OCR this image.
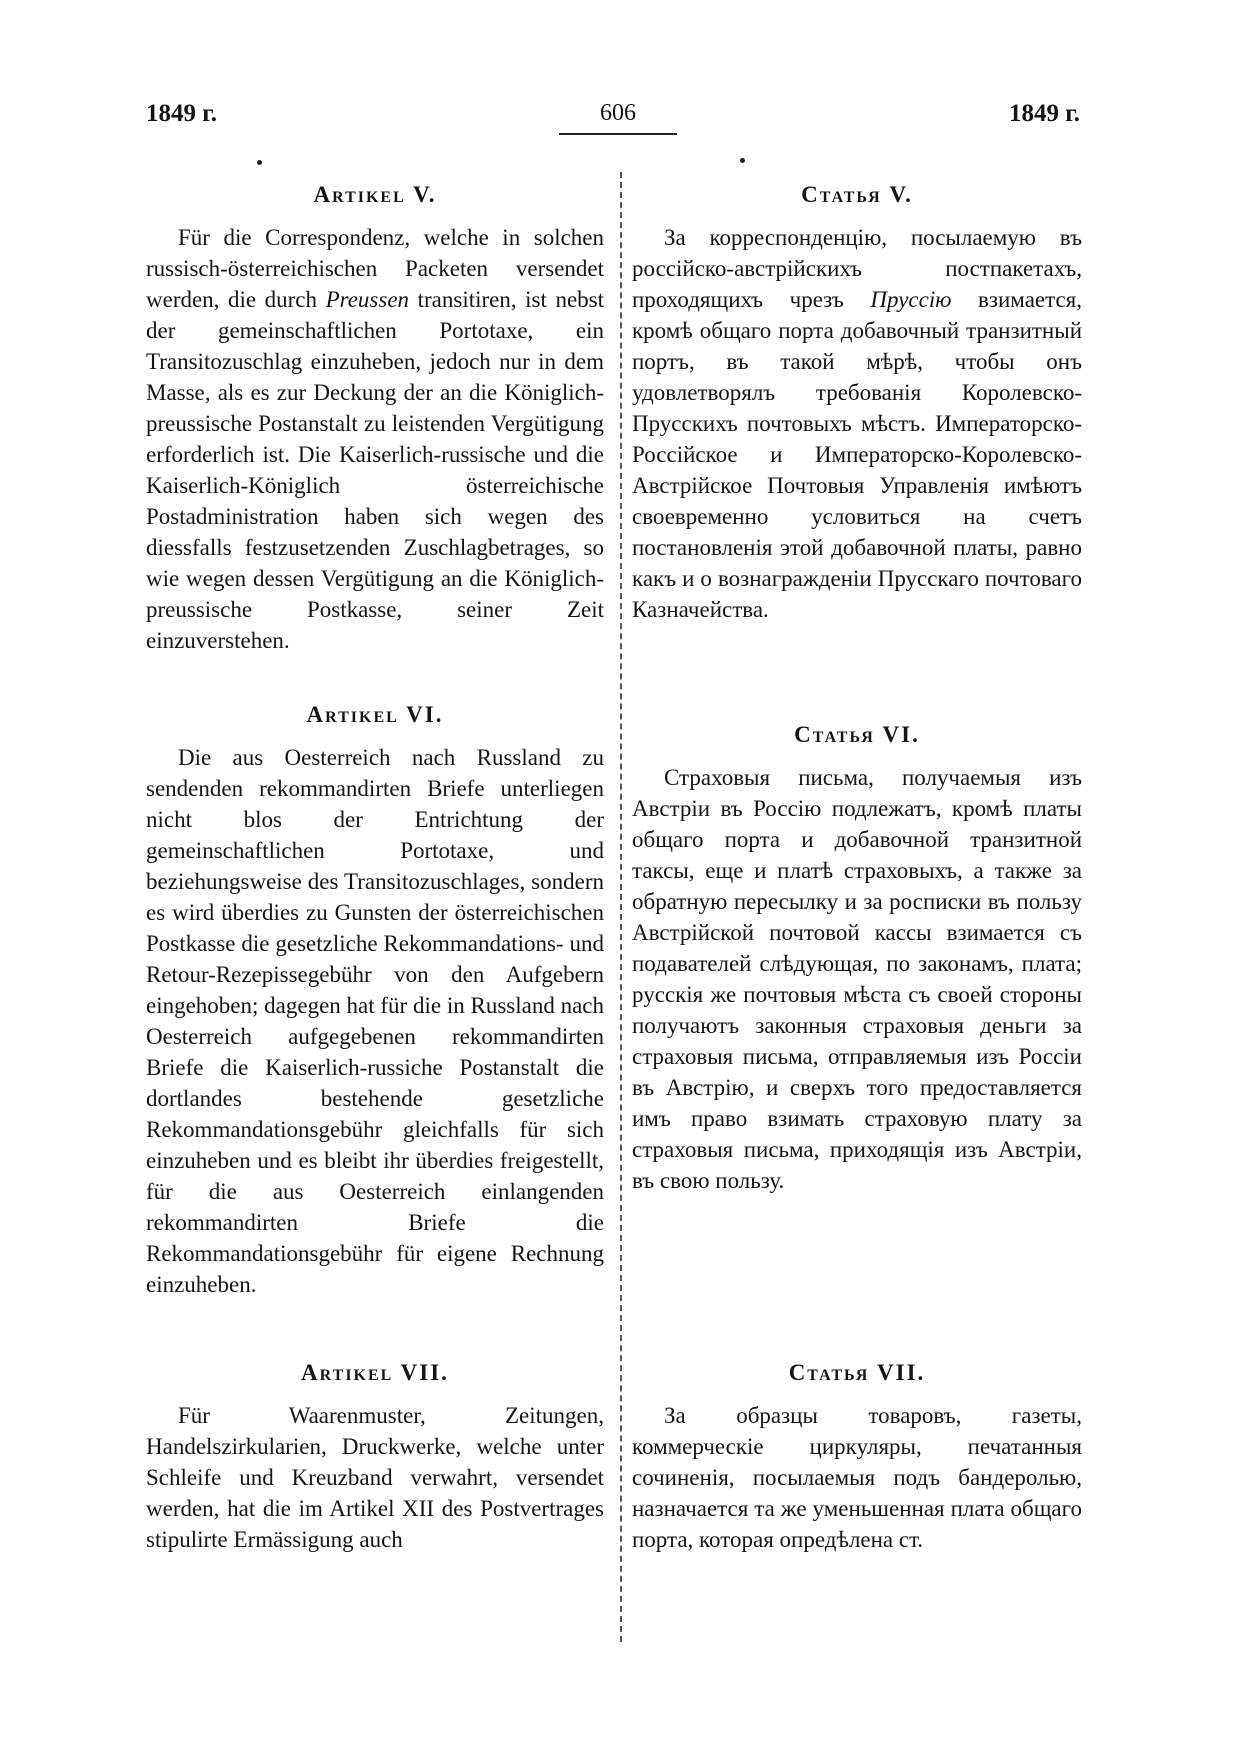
1849 г.	606	1849 г.
Artikel V.

Für die Correspondenz, welche in solchen russisch-österreichischen Packeten versendet werden, die durch Preussen transitiren, ist nebst der gemeinschaftlichen Portotaxe, ein Transitozuschlag einzuheben, jedoch nur in dem Masse, als es zur Deckung der an die Königlich-preussische Postanstalt zu leistenden Vergütigung erforderlich ist. Die Kaiserlich-russische und die Kaiserlich-Königlich österreichische Postadministration haben sich wegen des diessfalls festzusetzenden Zuschlagbetrages, so wie wegen dessen Vergütigung an die Königlich-preussische Postkasse, seiner Zeit einzuverstehen.

Artikel VI.

Die aus Oesterreich nach Russland zu sendenden rekommandirten Briefe unterliegen nicht blos der Entrichtung der gemeinschaftlichen Portotaxe, und beziehungsweise des Transitozuschlages, sondern es wird überdies zu Gunsten der österreichischen Postkasse die gesetzliche Rekommandations- und Retour-Rezepissegebühr von den Aufgebern eingehoben; dagegen hat für die in Russland nach Oesterreich aufgegebenen rekommandirten Briefe die Kaiserlich-russiche Postanstalt die dortlandes bestehende gesetzliche Rekommandationsgebühr gleichfalls für sich einzuheben und es bleibt ihr überdies freigestellt, für die aus Oesterreich einlangenden rekommandirten Briefe die Rekommandationsgebühr für eigene Rechnung einzuheben.

Artikel VII.

Für Waarenmuster, Zeitungen, Handelszirkularien, Druckwerke, welche unter Schleife und Kreuzband verwahrt, versendet werden, hat die im Artikel XII des Postvertrages stipulirte Ermässigung auch

Статья V.

За корреспонденцію, посылаемую въ россійско-австрійскихъ постпакетахъ, проходящихъ чрезъ Пруссію взимается, кромѣ общаго порта добавочный транзитный портъ, въ такой мѣрѣ, чтобы онъ удовлетворялъ требованія Королевско-Прусскихъ почтовыхъ мѣстъ. Императорско-Россійское и Императорско-Королевско-Австрійское Почтовыя Управленія имѣютъ своевременно условиться на счетъ постановленія этой добавочной платы, равно какъ и о вознагражденіи Прусскаго почтоваго Казначейства.

Статья VI.

Страховыя письма, получаемыя изъ Австріи въ Россію подлежатъ, кромѣ платы общаго порта и добавочной транзитной таксы, еще и платѣ страховыхъ, а также за обратную пересылку и за росписки въ пользу Австрійской почтовой кассы взимается съ подавателей слѣдующая, по законамъ, плата; русскія же почтовыя мѣста съ своей стороны получаютъ законныя страховыя деньги за страховыя письма, отправляемыя изъ Россіи въ Австрію, и сверхъ того предоставляется имъ право взимать страховую плату за страховыя письма, приходящія изъ Австріи, въ свою пользу.

Статья VII.

За образцы товаровъ, газеты, коммерческіе циркуляры, печатанныя сочиненія, посылаемыя подъ бандеролью, назначается та же уменьшенная плата общаго порта, которая опредѣлена ст.
